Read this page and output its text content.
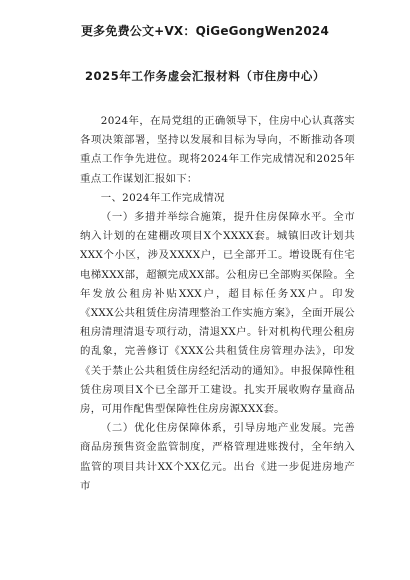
更多免费公文+VX：QiGeGongWen2024
2025年工作务虚会汇报材料（市住房中心）

2024年，在局党组的正确领导下，住房中心认真落实各项决策部署，坚持以发展和目标为导向，不断推动各项重点工作争先进位。现将2024年工作完成情况和2025年重点工作谋划汇报如下：

一、2024年工作完成情况

（一）多措并举综合施策，提升住房保障水平。全市纳入计划的在建棚改项目X个XXXX套。城镇旧改计划共XXX个小区，涉及XXXX户，已全部开工。增设既有住宅电梯XXX部，超额完成XX部。公租房已全部购买保险。全年发放公租房补贴XXX户，超目标任务XX户。印发《XXX公共租赁住房清理整治工作实施方案》，全面开展公租房清理清退专项行动，清退XX户。针对机构代理公租房的乱象，完善修订《XXX公共租赁住房管理办法》，印发《关于禁止公共租赁住房经纪活动的通知》。申报保障性租赁住房项目X个已全部开工建设。扎实开展收购存量商品房，可用作配售型保障性住房房源XXX套。

（二）优化住房保障体系，引导房地产业发展。完善商品房预售资金监管制度，严格管理进账拨付，全年纳入监管的项目共计XX个XX亿元。出台《进一步促进房地产市
